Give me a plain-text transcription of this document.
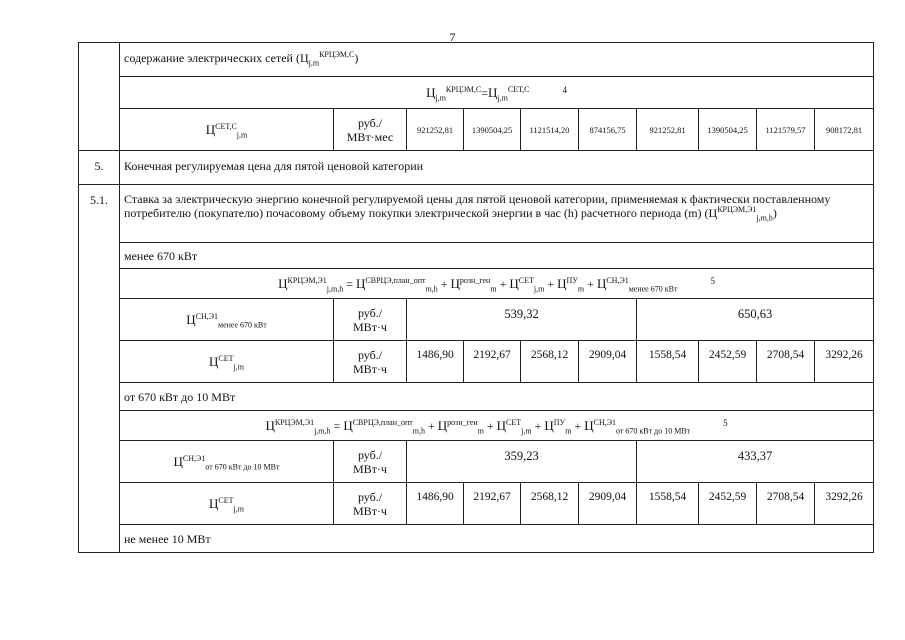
7
	содержание электрических сетей $(Ц_{j,m}^{КРЦЭМ,С})$									
	$Ц_{j,m}^{КРЦЭМ,С}=Ц_{j,m}^{СЕТ,С}$ $^4$
	$Ц^{СЕТ,С}_{j,m}$	руб./
МВт·мес	921252,81	1390504,25	1121514,20	874156,75	921252,81	1390504,25	1121579,57	908172,81
5.	Конечная регулируемая цена для пятой ценовой категории									
5.1.	Ставка за электрическую энергию конечной регулируемой цены для пятой ценовой категории, применяемая к фактически поставленному потребителю (покупателю) почасовому объему покупки электрической энергии в час (h) расчетного периода (m) $(Ц^{КРЦЭМ,Э1}_{j,m,h})$									
	менее 670 кВт									
	$Ц^{КРЦЭМ,Э1}_{j,m,h} = Ц^{СВРЦЭ,план\_опт}_{m,h} + Ц^{розн\_ген}_m + Ц^{СЕТ}_{j,m} + Ц^{ПУ}_m + Ц^{СН,Э1}_{менее 670 кВт}$ $^5$
	$Ц^{СН,Э1}_{менее 670 кВт}$	руб./
МВт·ч	539,32				650,63			
	$Ц^{СЕТ}_{j,m}$	руб./
МВт·ч	1486,90	2192,67	2568,12	2909,04	1558,54	2452,59	2708,54	3292,26
	от 670 кВт до 10 МВт									
	$Ц^{КРЦЭМ,Э1}_{j,m,h} = Ц^{СВРЦЭ,план\_опт}_{m,h} + Ц^{розн\_ген}_m + Ц^{СЕТ}_{j,m} + Ц^{ПУ}_m + Ц^{СН,Э1}_{от 670 кВт до 10 МВт}$ $^5$
	$Ц^{СН,Э1}_{от 670 кВт до 10 МВт}$	руб./
МВт·ч	359,23				433,37			
	$Ц^{СЕТ}_{j,m}$	руб./
МВт·ч	1486,90	2192,67	2568,12	2909,04	1558,54	2452,59	2708,54	3292,26
	не менее 10 МВт									
